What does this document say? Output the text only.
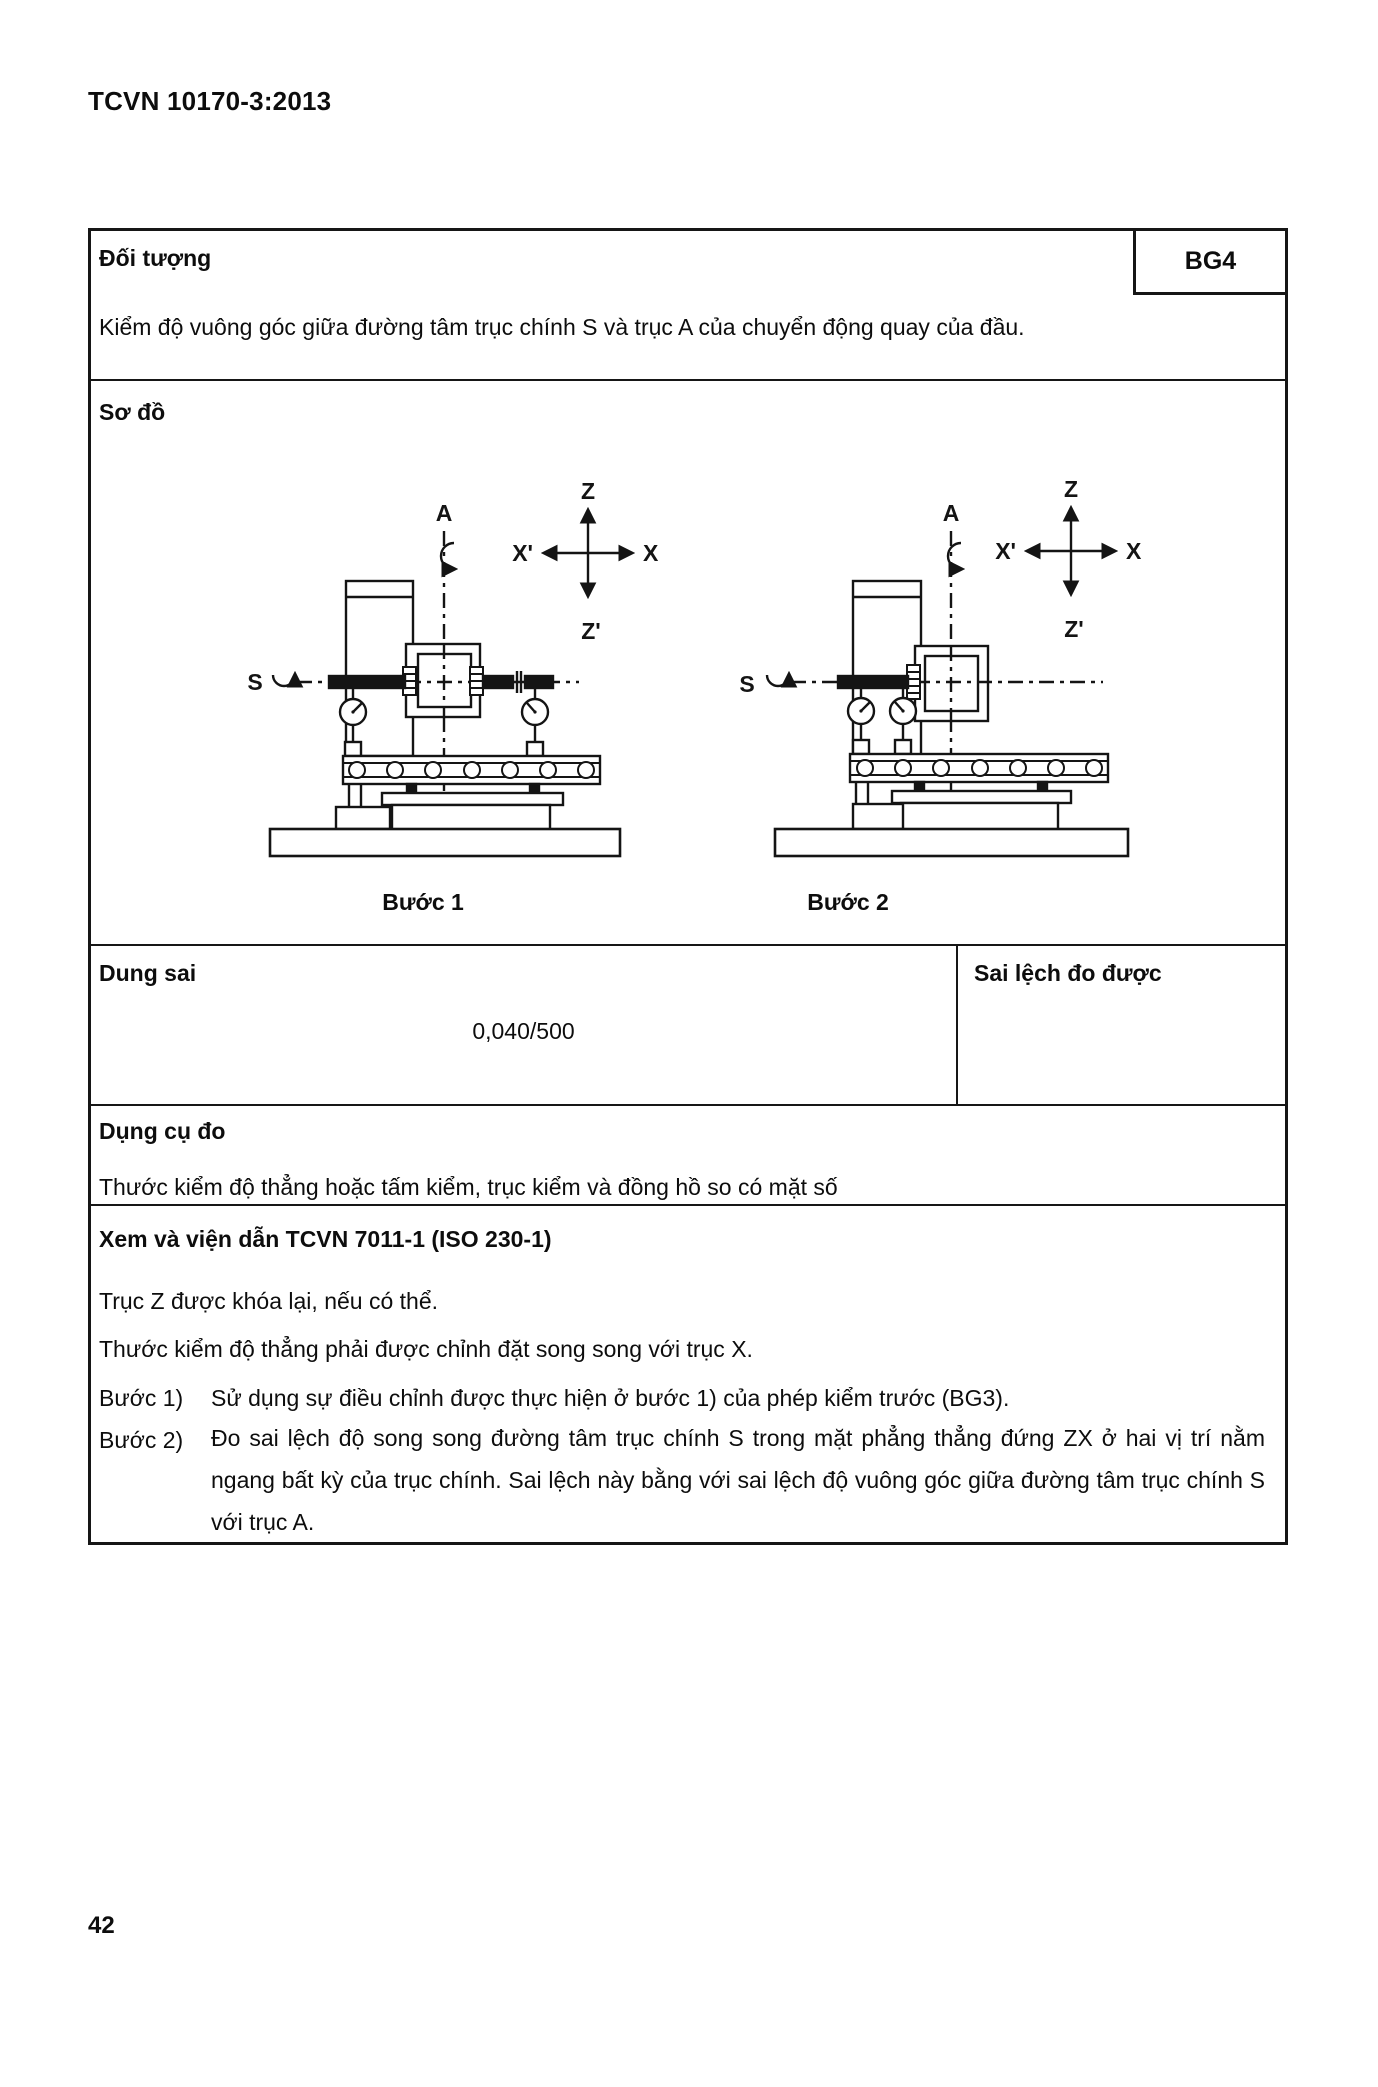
TCVN 10170-3:2013
Đối tượng	BG4
Kiểm độ vuông góc giữa đường tâm trục chính S và trục A của chuyển động quay của đầu.
Sơ đồ
A
S
Z
Z'
X'	X
A
S
Z
Z'
X'	X
Bước 1	Bước 2
Dung sai
0,040/500
Sai lệch đo được
Dụng cụ đo
Thước kiểm độ thẳng hoặc tấm kiểm, trục kiểm và đồng hồ so có mặt số
Xem và viện dẫn TCVN 7011-1 (ISO 230-1)
Trục Z được khóa lại, nếu có thể.
Thước kiểm độ thẳng phải được chỉnh đặt song song với trục X.
Bước 1)	Sử dụng sự điều chỉnh được thực hiện ở bước 1) của phép kiểm trước (BG3).
Bước 2)	Đo sai lệch độ song song đường tâm trục chính S trong mặt phẳng thẳng đứng ZX ở hai vị trí nằm ngang bất kỳ của trục chính. Sai lệch này bằng với sai lệch độ vuông góc giữa đường tâm trục chính S với trục A.
42
